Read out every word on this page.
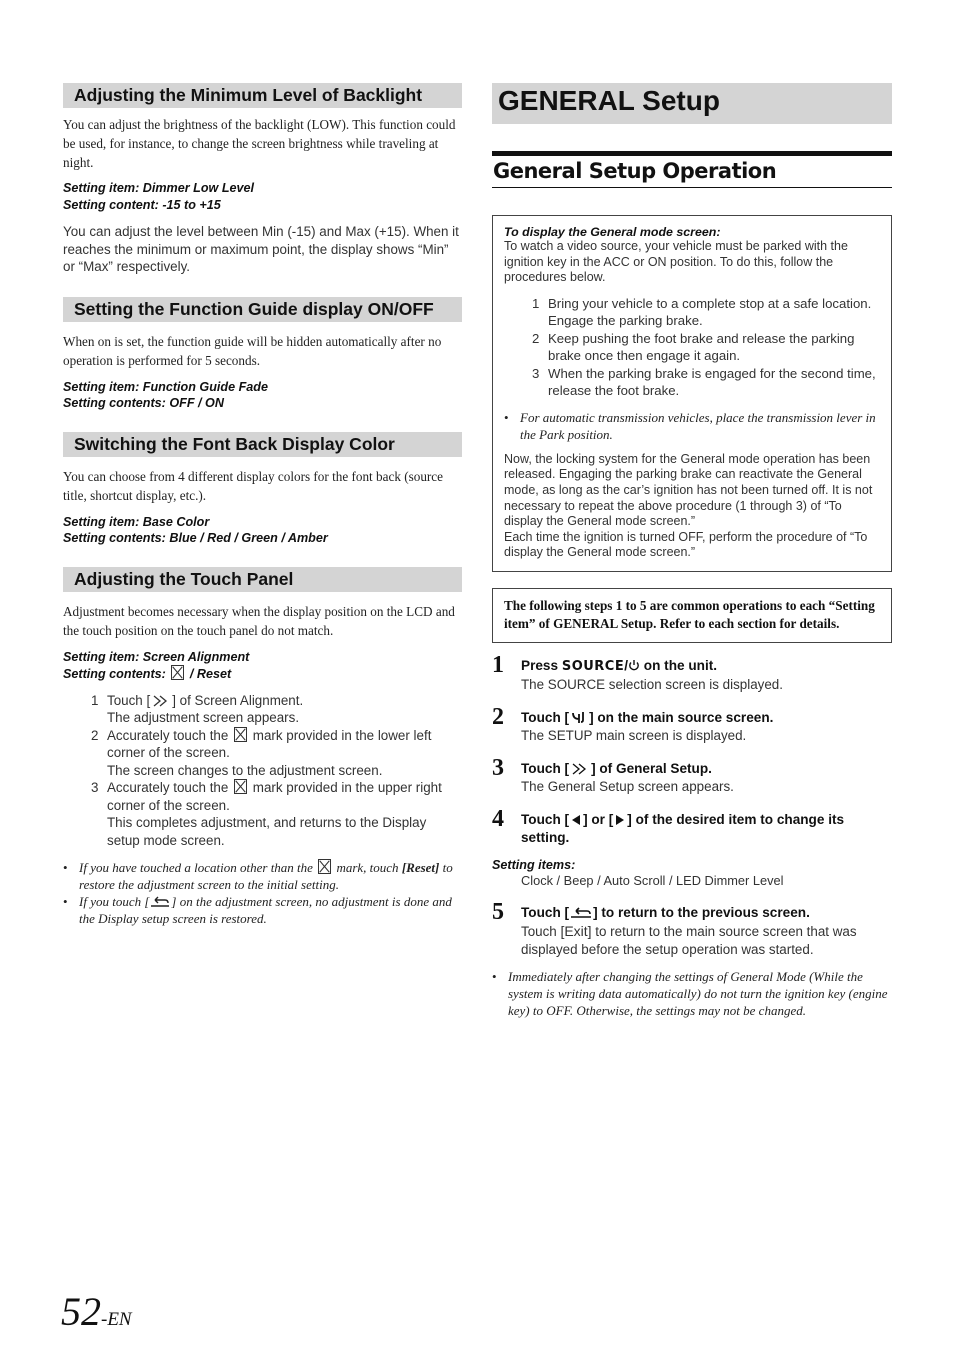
Adjusting the Minimum Level of Backlight
You can adjust the brightness of the backlight (LOW). This function could be used, for instance, to change the screen brightness while traveling at night.
Setting item: Dimmer Low Level
Setting content: -15 to +15
You can adjust the level between Min (-15) and Max (+15). When it reaches the minimum or maximum point, the display shows “Min” or “Max” respectively.
Setting the Function Guide display ON/OFF
When on is set, the function guide will be hidden automatically after no operation is performed for 5 seconds.
Setting item: Function Guide Fade
Setting contents: OFF / ON
Switching the Font Back Display Color
You can choose from 4 different display colors for the font back (source title, shortcut display, etc.).
Setting item: Base Color
Setting contents: Blue / Red / Green / Amber
Adjusting the Touch Panel
Adjustment becomes necessary when the display position on the LCD and the touch position on the touch panel do not match.
Setting item: Screen Alignment
Setting contents: ☒ / Reset
1 Touch [ ] of Screen Alignment.
The adjustment screen appears.
2 Accurately touch the ☒ mark provided in the lower left corner of the screen.
The screen changes to the adjustment screen.
3 Accurately touch the ☒ mark provided in the upper right corner of the screen.
This completes adjustment, and returns to the Display setup mode screen.
• If you have touched a location other than the ☒ mark, touch [Reset] to restore the adjustment screen to the initial setting.
• If you touch [ ] on the adjustment screen, no adjustment is done and the Display setup screen is restored.
GENERAL Setup
General Setup Operation
To display the General mode screen:
To watch a video source, your vehicle must be parked with the ignition key in the ACC or ON position. To do this, follow the procedures below.
1 Bring your vehicle to a complete stop at a safe location. Engage the parking brake.
2 Keep pushing the foot brake and release the parking brake once then engage it again.
3 When the parking brake is engaged for the second time, release the foot brake.
• For automatic transmission vehicles, place the transmission lever in the Park position.
Now, the locking system for the General mode operation has been released. Engaging the parking brake can reactivate the General mode, as long as the car’s ignition has not been turned off. It is not necessary to repeat the above procedure (1 through 3) of “To display the General mode screen.”
Each time the ignition is turned OFF, perform the procedure of “To display the General mode screen.”
The following steps 1 to 5 are common operations to each “Setting item” of GENERAL Setup. Refer to each section for details.
1 Press SOURCE/ on the unit.
The SOURCE selection screen is displayed.
2 Touch [ ] on the main source screen.
The SETUP main screen is displayed.
3 Touch [ ] of General Setup.
The General Setup screen appears.
4 Touch [ ] or [ ] of the desired item to change its setting.
Setting items:
Clock / Beep / Auto Scroll / LED Dimmer Level
5 Touch [ ] to return to the previous screen.
Touch [Exit] to return to the main source screen that was displayed before the setup operation was started.
• Immediately after changing the settings of General Mode (While the system is writing data automatically) do not turn the ignition key (engine key) to OFF. Otherwise, the settings may not be changed.
52-EN
